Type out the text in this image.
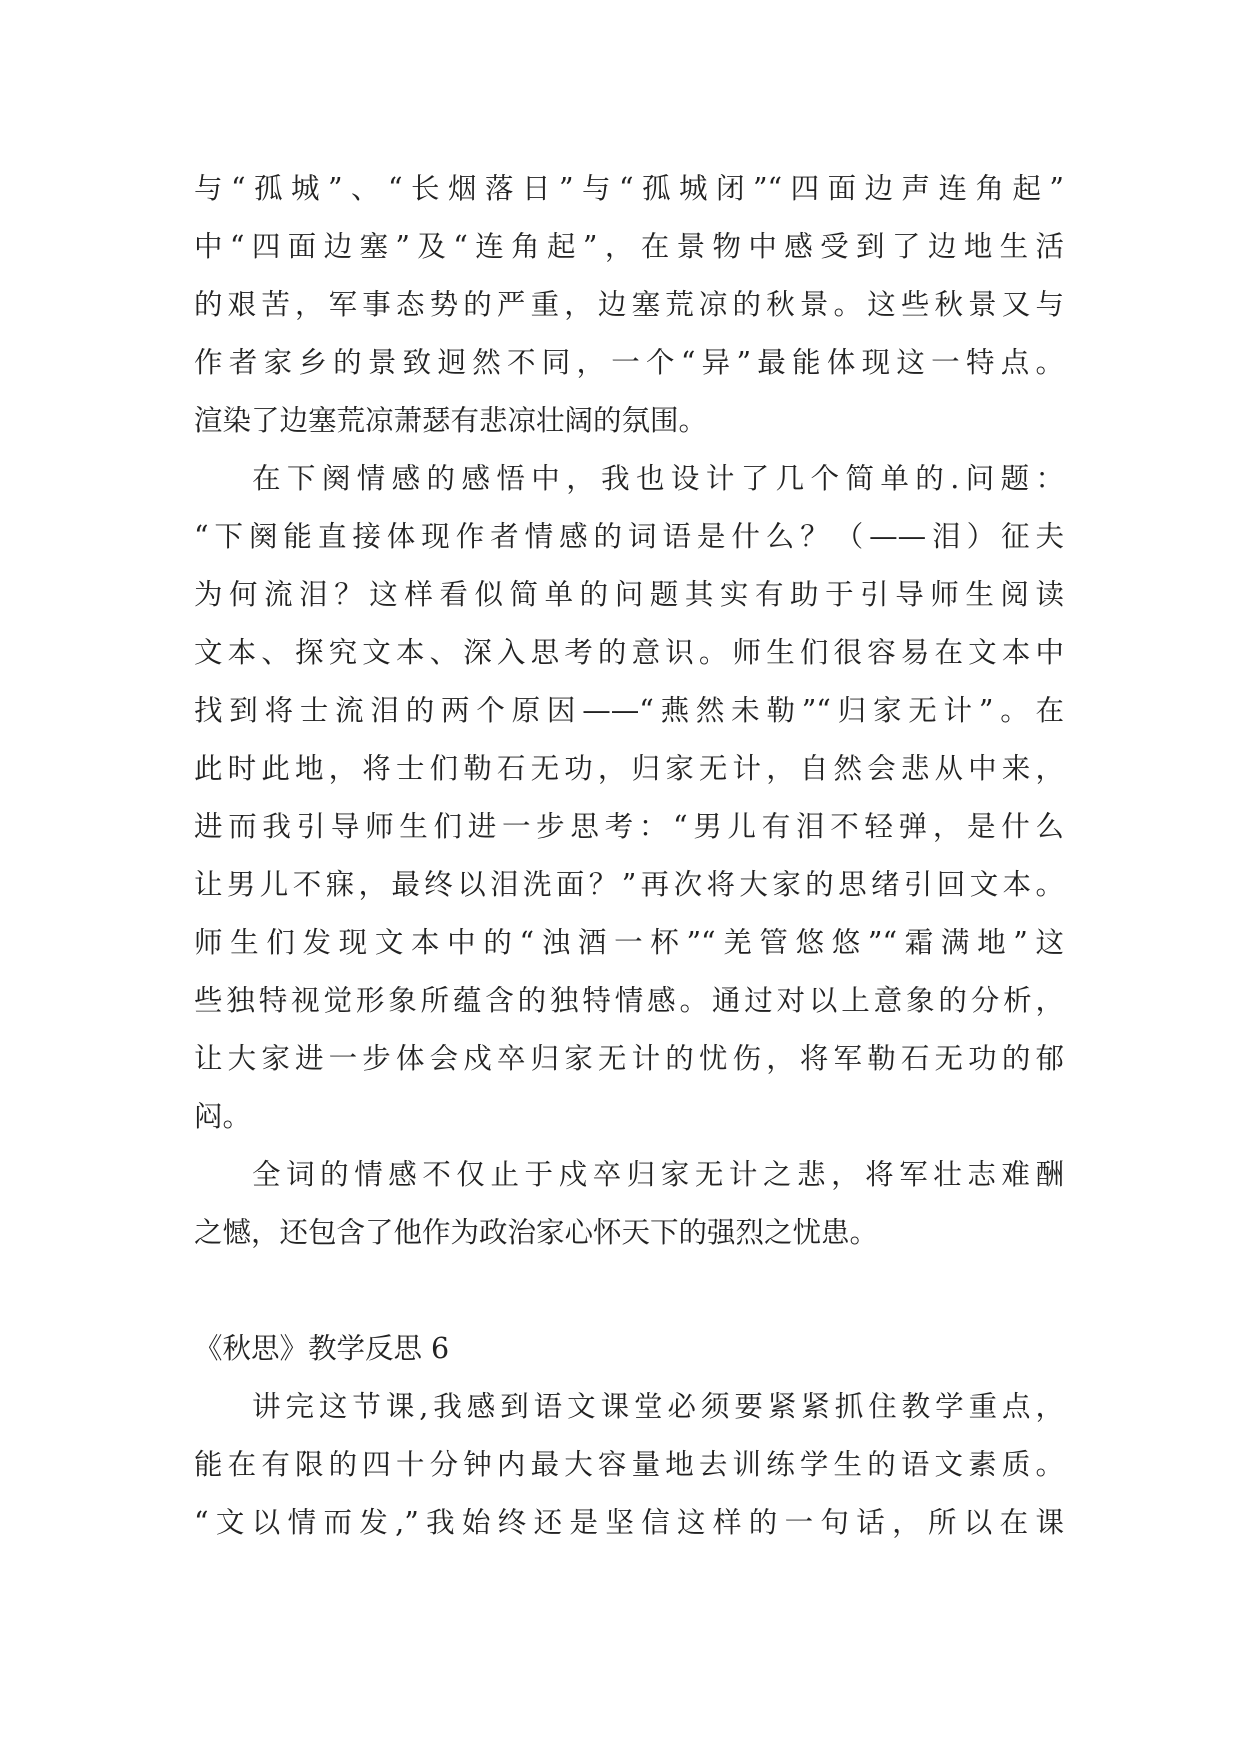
与“孤城”、“长烟落日”与“孤城闭”“四面边声连角起”
中“四面边塞”及“连角起”，在景物中感受到了边地生活
的艰苦，军事态势的严重，边塞荒凉的秋景。这些秋景又与
作者家乡的景致迥然不同，一个“异”最能体现这一特点。
渲染了边塞荒凉萧瑟有悲凉壮阔的氛围。
在下阕情感的感悟中，我也设计了几个简单的.问题：
“下阕能直接体现作者情感的词语是什么？（——泪）征夫
为何流泪？这样看似简单的问题其实有助于引导师生阅读
文本、探究文本、深入思考的意识。师生们很容易在文本中
找到将士流泪的两个原因——“燕然未勒”“归家无计”。在
此时此地，将士们勒石无功，归家无计，自然会悲从中来，
进而我引导师生们进一步思考：“男儿有泪不轻弹，是什么
让男儿不寐，最终以泪洗面？”再次将大家的思绪引回文本。
师生们发现文本中的“浊酒一杯”“羌管悠悠”“霜满地”这
些独特视觉形象所蕴含的独特情感。通过对以上意象的分析，
让大家进一步体会戍卒归家无计的忧伤，将军勒石无功的郁
闷。
全词的情感不仅止于戍卒归家无计之悲，将军壮志难酬
之憾，还包含了他作为政治家心怀天下的强烈之忧患。
《秋思》教学反思 6
讲完这节课,我感到语文课堂必须要紧紧抓住教学重点，
能在有限的四十分钟内最大容量地去训练学生的语文素质。
“文以情而发,”我始终还是坚信这样的一句话，所以在课
